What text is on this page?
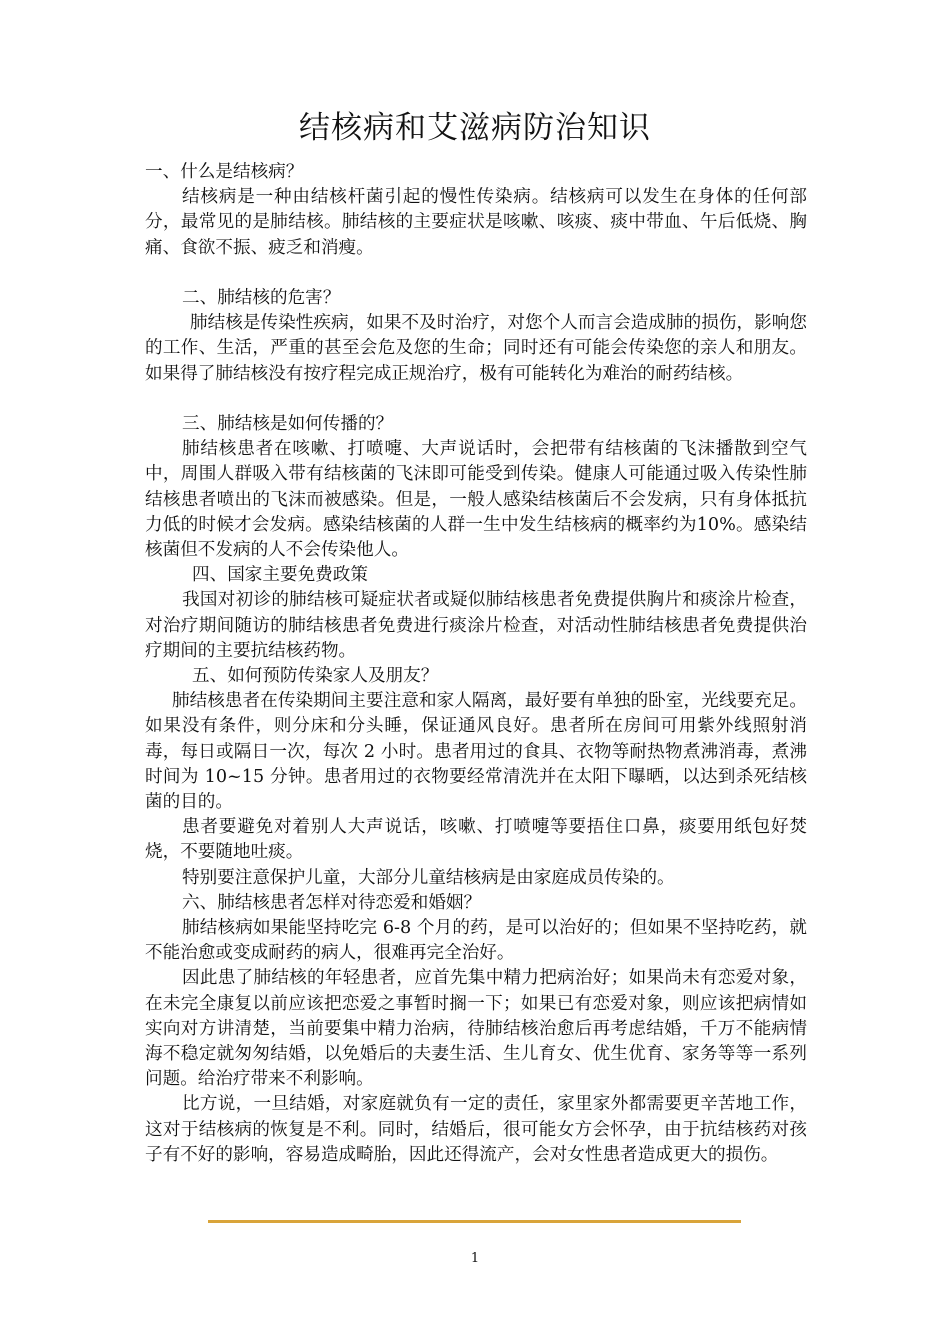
结核病和艾滋病防治知识

一、什么是结核病？

结核病是一种由结核杆菌引起的慢性传染病。结核病可以发生在身体的任何部分，最常见的是肺结核。肺结核的主要症状是咳嗽、咳痰、痰中带血、午后低烧、胸痛、食欲不振、疲乏和消瘦。

二、肺结核的危害？

肺结核是传染性疾病，如果不及时治疗，对您个人而言会造成肺的损伤，影响您的工作、生活，严重的甚至会危及您的生命；同时还有可能会传染您的亲人和朋友。如果得了肺结核没有按疗程完成正规治疗，极有可能转化为难治的耐药结核。

三、肺结核是如何传播的？

肺结核患者在咳嗽、打喷嚏、大声说话时，会把带有结核菌的飞沫播散到空气中，周围人群吸入带有结核菌的飞沫即可能受到传染。健康人可能通过吸入传染性肺结核患者喷出的飞沫而被感染。但是，一般人感染结核菌后不会发病，只有身体抵抗力低的时候才会发病。感染结核菌的人群一生中发生结核病的概率约为10%。感染结核菌但不发病的人不会传染他人。

四、国家主要免费政策

我国对初诊的肺结核可疑症状者或疑似肺结核患者免费提供胸片和痰涂片检查，对治疗期间随访的肺结核患者免费进行痰涂片检查，对活动性肺结核患者免费提供治疗期间的主要抗结核药物。

五、如何预防传染家人及朋友？

肺结核患者在传染期间主要注意和家人隔离，最好要有单独的卧室，光线要充足。如果没有条件，则分床和分头睡，保证通风良好。患者所在房间可用紫外线照射消毒，每日或隔日一次，每次 2 小时。患者用过的食具、衣物等耐热物煮沸消毒，煮沸时间为 10~15 分钟。患者用过的衣物要经常清洗并在太阳下曝晒，以达到杀死结核菌的目的。

患者要避免对着别人大声说话，咳嗽、打喷嚏等要捂住口鼻，痰要用纸包好焚烧，不要随地吐痰。

特别要注意保护儿童，大部分儿童结核病是由家庭成员传染的。

六、肺结核患者怎样对待恋爱和婚姻？

肺结核病如果能坚持吃完 6-8 个月的药，是可以治好的；但如果不坚持吃药，就不能治愈或变成耐药的病人，很难再完全治好。

因此患了肺结核的年轻患者，应首先集中精力把病治好；如果尚未有恋爱对象，在未完全康复以前应该把恋爱之事暂时搁一下；如果已有恋爱对象，则应该把病情如实向对方讲清楚，当前要集中精力治病，待肺结核治愈后再考虑结婚，千万不能病情海不稳定就匆匆结婚，以免婚后的夫妻生活、生儿育女、优生优育、家务等等一系列问题。给治疗带来不利影响。

比方说，一旦结婚，对家庭就负有一定的责任，家里家外都需要更辛苦地工作，这对于结核病的恢复是不利。同时，结婚后，很可能女方会怀孕，由于抗结核药对孩子有不好的影响，容易造成畸胎，因此还得流产，会对女性患者造成更大的损伤。

1
